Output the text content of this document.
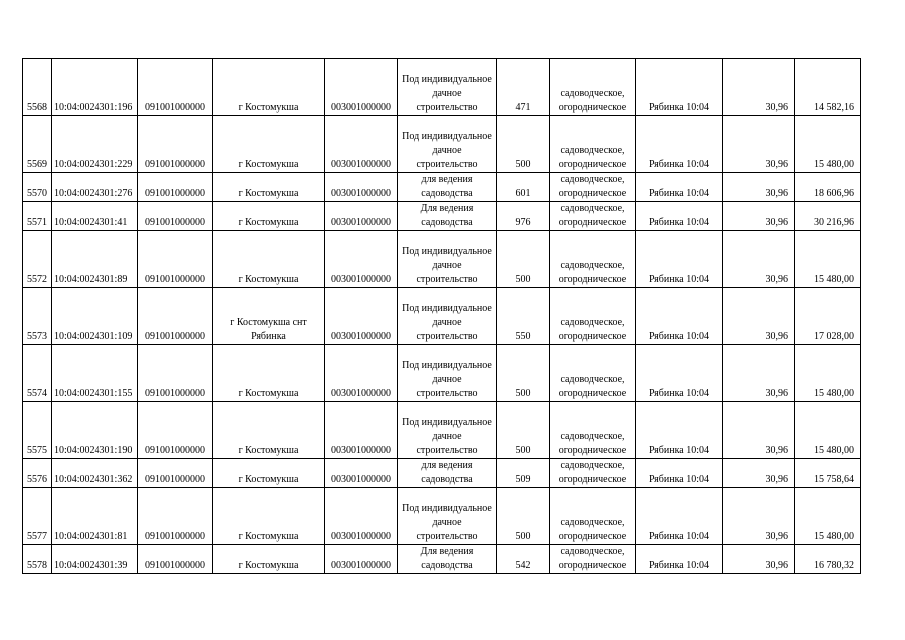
5568	10:04:0024301:196	091001000000	г Костомукша	003001000000	Под индивидуальное
дачное
строительство	471	садоводческое,
огородническое	Рябинка 10:04	30,96	14 582,16
5569	10:04:0024301:229	091001000000	г Костомукша	003001000000	Под индивидуальное
дачное
строительство	500	садоводческое,
огородническое	Рябинка 10:04	30,96	15 480,00
5570	10:04:0024301:276	091001000000	г Костомукша	003001000000	для ведения
садоводства	601	садоводческое,
огородническое	Рябинка 10:04	30,96	18 606,96
5571	10:04:0024301:41	091001000000	г Костомукша	003001000000	Для ведения
садоводства	976	садоводческое,
огородническое	Рябинка 10:04	30,96	30 216,96
5572	10:04:0024301:89	091001000000	г Костомукша	003001000000	Под индивидуальное
дачное
строительство	500	садоводческое,
огородническое	Рябинка 10:04	30,96	15 480,00
5573	10:04:0024301:109	091001000000	г Костомукша снт
Рябинка	003001000000	Под индивидуальное
дачное
строительство	550	садоводческое,
огородническое	Рябинка 10:04	30,96	17 028,00
5574	10:04:0024301:155	091001000000	г Костомукша	003001000000	Под индивидуальное
дачное
строительство	500	садоводческое,
огородническое	Рябинка 10:04	30,96	15 480,00
5575	10:04:0024301:190	091001000000	г Костомукша	003001000000	Под индивидуальное
дачное
строительство	500	садоводческое,
огородническое	Рябинка 10:04	30,96	15 480,00
5576	10:04:0024301:362	091001000000	г Костомукша	003001000000	для ведения
садоводства	509	садоводческое,
огородническое	Рябинка 10:04	30,96	15 758,64
5577	10:04:0024301:81	091001000000	г Костомукша	003001000000	Под индивидуальное
дачное
строительство	500	садоводческое,
огородническое	Рябинка 10:04	30,96	15 480,00
5578	10:04:0024301:39	091001000000	г Костомукша	003001000000	Для ведения
садоводства	542	садоводческое,
огородническое	Рябинка 10:04	30,96	16 780,32
